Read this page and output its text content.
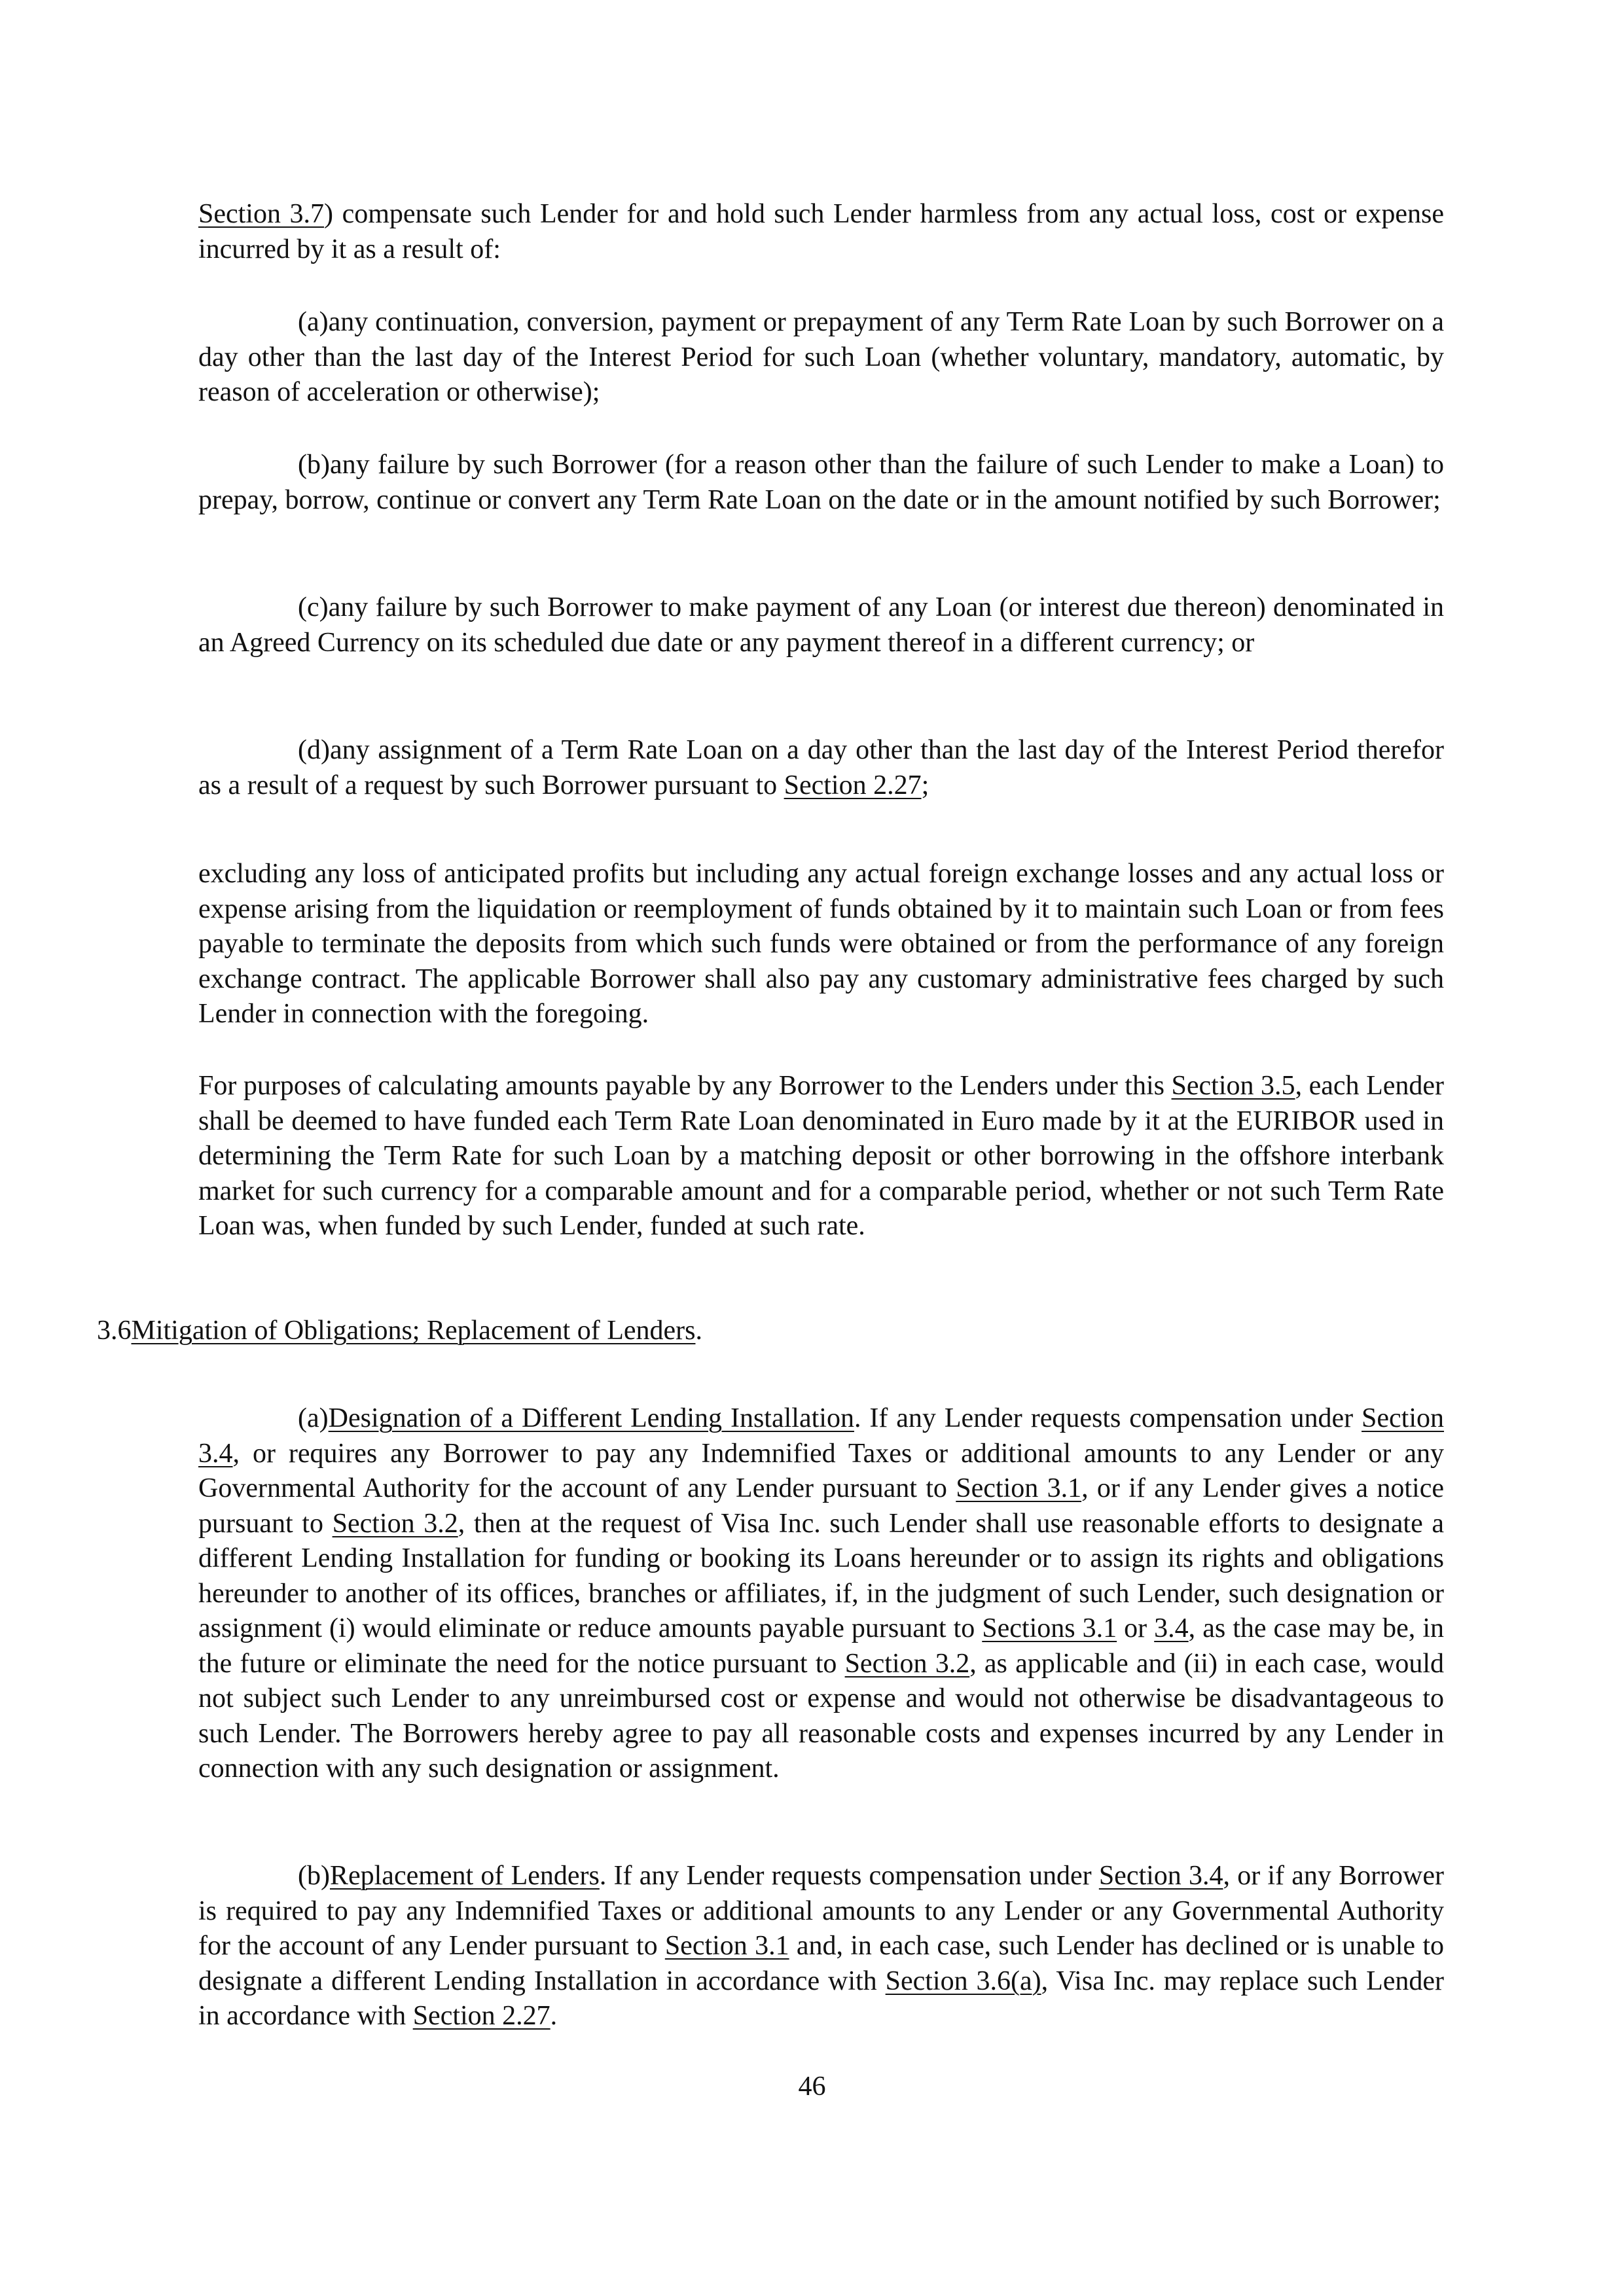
Section 3.7) compensate such Lender for and hold such Lender harmless from any actual loss, cost or expense incurred by it as a result of:

(a)any continuation, conversion, payment or prepayment of any Term Rate Loan by such Borrower on a day other than the last day of the Interest Period for such Loan (whether voluntary, mandatory, automatic, by reason of acceleration or otherwise);

(b)any failure by such Borrower (for a reason other than the failure of such Lender to make a Loan) to prepay, borrow, continue or convert any Term Rate Loan on the date or in the amount notified by such Borrower;

(c)any failure by such Borrower to make payment of any Loan (or interest due thereon) denominated in an Agreed Currency on its scheduled due date or any payment thereof in a different currency; or

(d)any assignment of a Term Rate Loan on a day other than the last day of the Interest Period therefor as a result of a request by such Borrower pursuant to Section 2.27;

excluding any loss of anticipated profits but including any actual foreign exchange losses and any actual loss or expense arising from the liquidation or reemployment of funds obtained by it to maintain such Loan or from fees payable to terminate the deposits from which such funds were obtained or from the performance of any foreign exchange contract. The applicable Borrower shall also pay any customary administrative fees charged by such Lender in connection with the foregoing.

For purposes of calculating amounts payable by any Borrower to the Lenders under this Section 3.5, each Lender shall be deemed to have funded each Term Rate Loan denominated in Euro made by it at the EURIBOR used in determining the Term Rate for such Loan by a matching deposit or other borrowing in the offshore interbank market for such currency for a comparable amount and for a comparable period, whether or not such Term Rate Loan was, when funded by such Lender, funded at such rate.

3.6Mitigation of Obligations; Replacement of Lenders.

(a)Designation of a Different Lending Installation. If any Lender requests compensation under Section 3.4, or requires any Borrower to pay any Indemnified Taxes or additional amounts to any Lender or any Governmental Authority for the account of any Lender pursuant to Section 3.1, or if any Lender gives a notice pursuant to Section 3.2, then at the request of Visa Inc. such Lender shall use reasonable efforts to designate a different Lending Installation for funding or booking its Loans hereunder or to assign its rights and obligations hereunder to another of its offices, branches or affiliates, if, in the judgment of such Lender, such designation or assignment (i) would eliminate or reduce amounts payable pursuant to Sections 3.1 or 3.4, as the case may be, in the future or eliminate the need for the notice pursuant to Section 3.2, as applicable and (ii) in each case, would not subject such Lender to any unreimbursed cost or expense and would not otherwise be disadvantageous to such Lender. The Borrowers hereby agree to pay all reasonable costs and expenses incurred by any Lender in connection with any such designation or assignment.

(b)Replacement of Lenders. If any Lender requests compensation under Section 3.4, or if any Borrower is required to pay any Indemnified Taxes or additional amounts to any Lender or any Governmental Authority for the account of any Lender pursuant to Section 3.1 and, in each case, such Lender has declined or is unable to designate a different Lending Installation in accordance with Section 3.6(a), Visa Inc. may replace such Lender in accordance with Section 2.27.

46
